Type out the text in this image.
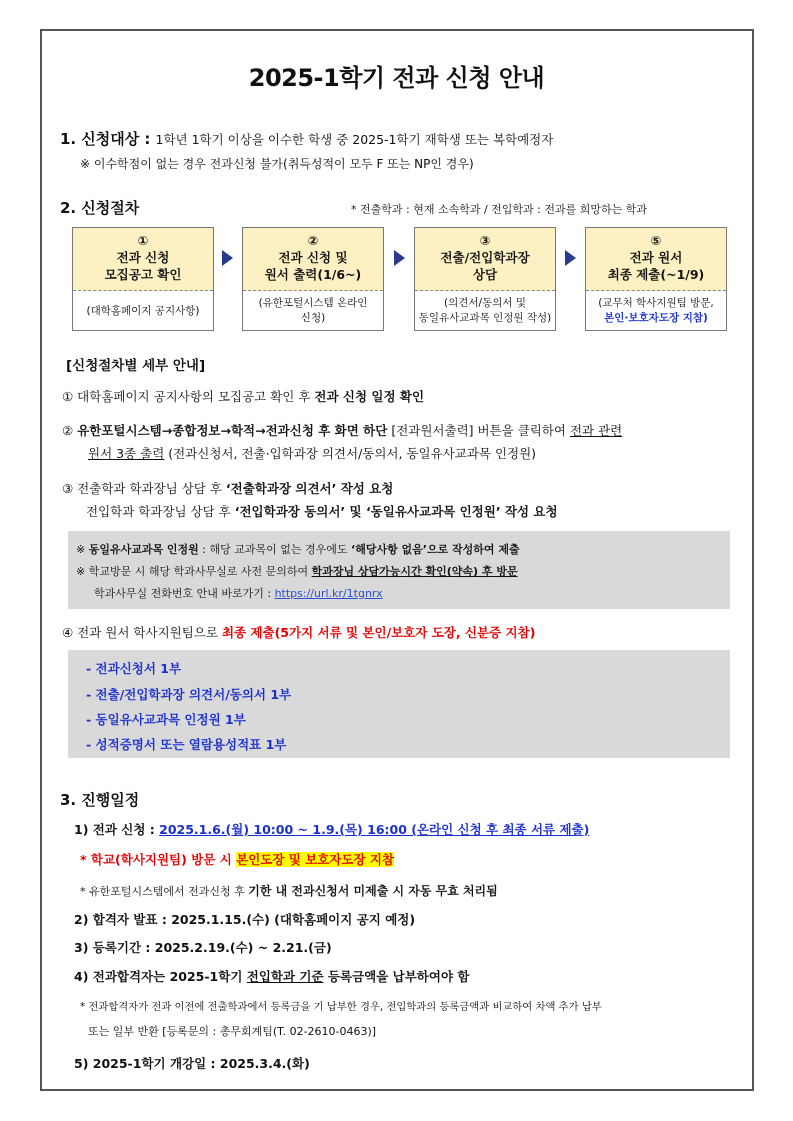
2025-1학기 전과 신청 안내
1. 신청대상 : 1학년 1학기 이상을 이수한 학생 중 2025-1학기 재학생 또는 복학예정자
※ 이수학점이 없는 경우 전과신청 불가(취득성적이 모두 F 또는 NP인 경우)
2. 신청절차	* 전출학과 : 현재 소속학과 / 전입학과 : 전과를 희망하는 학과
①
전과 신청
모집공고 확인
(대학홈페이지 공지사항)
②
전과 신청 및
원서 출력(1/6~)
(유한포털시스템 온라인
신청)
③
전출/전입학과장
상담
(의견서/동의서 및
동일유사교과목 인정원 작성)
⑤
전과 원서
최종 제출(~1/9)
(교무처 학사지원팀 방문,
본인·보호자도장 지참)
[신청절차별 세부 안내]
① 대학홈페이지 공지사항의 모집공고 확인 후 전과 신청 일정 확인
② 유한포털시스템→종합정보→학적→전과신청 후 화면 하단 [전과원서출력] 버튼을 클릭하여 전과 관련
원서 3종 출력 (전과신청서, 전출·입학과장 의견서/동의서, 동일유사교과목 인정원)
③ 전출학과 학과장님 상담 후 ‘전출학과장 의견서’ 작성 요청
전입학과 학과장님 상담 후 ‘전입학과장 동의서’ 및 ‘동일유사교과목 인정원’ 작성 요청
※ 동일유사교과목 인정원 : 해당 교과목이 없는 경우에도 ‘해당사항 없음’으로 작성하여 제출
※ 학교방문 시 해당 학과사무실로 사전 문의하여 학과장님 상담가능시간 확인(약속) 후 방문
학과사무실 전화번호 안내 바로가기 : https://url.kr/1tgnrx
④ 전과 원서 학사지원팀으로 최종 제출(5가지 서류 및 본인/보호자 도장, 신분증 지참)
- 전과신청서 1부
- 전출/전입학과장 의견서/동의서 1부
- 동일유사교과목 인정원 1부
- 성적증명서 또는 열람용성적표 1부
3. 진행일정
1) 전과 신청 : 2025.1.6.(월) 10:00 ~ 1.9.(목) 16:00 (온라인 신청 후 최종 서류 제출)
* 학교(학사지원팀) 방문 시 본인도장 및 보호자도장 지참
* 유한포털시스템에서 전과신청 후 기한 내 전과신청서 미제출 시 자동 무효 처리됨
2) 합격자 발표 : 2025.1.15.(수) (대학홈페이지 공지 예정)
3) 등록기간 : 2025.2.19.(수) ~ 2.21.(금)
4) 전과합격자는 2025-1학기 전입학과 기준 등록금액을 납부하여야 함
* 전과합격자가 전과 이전에 전출학과에서 등록금을 기 납부한 경우, 전입학과의 등록금액과 비교하여 차액 추가 납부
또는 일부 반환 [등록문의 : 총무회계팀(T. 02-2610-0463)]
5) 2025-1학기 개강일 : 2025.3.4.(화)
